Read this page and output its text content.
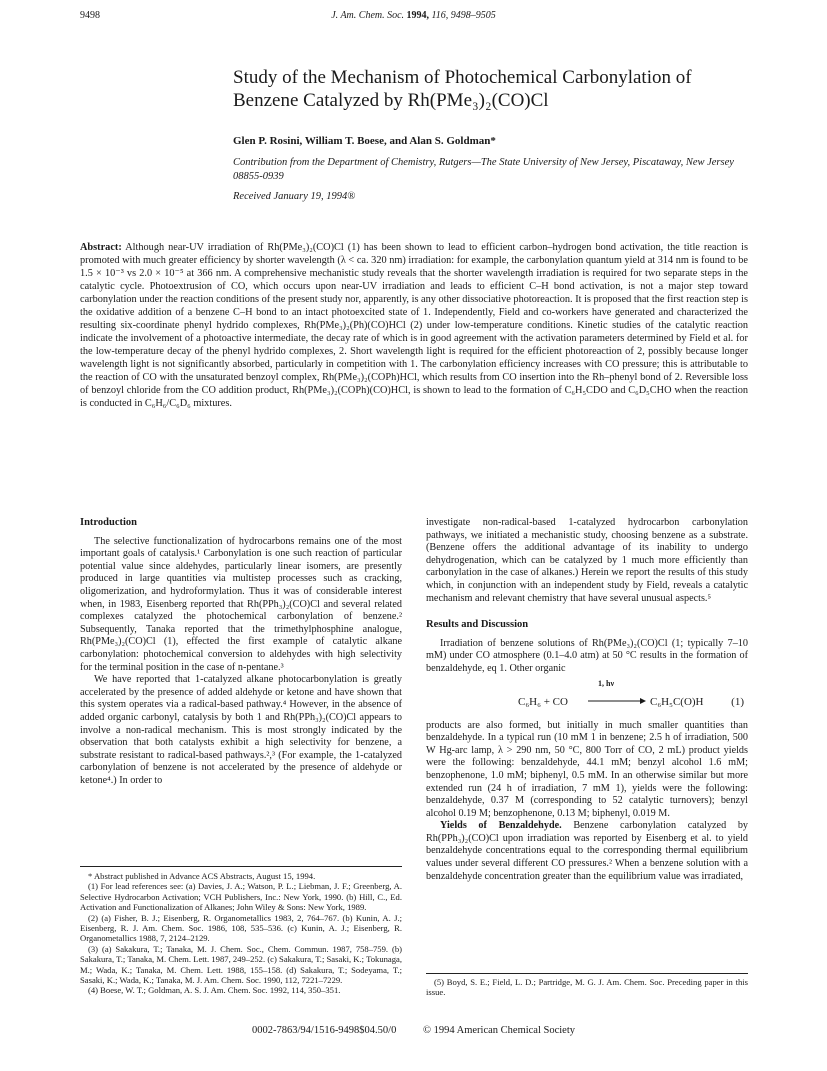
9498	J. Am. Chem. Soc. 1994, 116, 9498–9505
Study of the Mechanism of Photochemical Carbonylation of Benzene Catalyzed by Rh(PMe₃)₂(CO)Cl
Glen P. Rosini, William T. Boese, and Alan S. Goldman*
Contribution from the Department of Chemistry, Rutgers—The State University of New Jersey, Piscataway, New Jersey 08855-0939
Received January 19, 1994®
Abstract: Although near-UV irradiation of Rh(PMe₃)₂(CO)Cl (1) has been shown to lead to efficient carbon–hydrogen bond activation, the title reaction is promoted with much greater efficiency by shorter wavelength (λ < ca. 320 nm) irradiation: for example, the carbonylation quantum yield at 314 nm is found to be 1.5 × 10⁻³ vs 2.0 × 10⁻⁵ at 366 nm. A comprehensive mechanistic study reveals that the shorter wavelength irradiation is required for two separate steps in the catalytic cycle. Photoextrusion of CO, which occurs upon near-UV irradiation and leads to efficient C–H bond activation, is not a major step toward carbonylation under the reaction conditions of the present study nor, apparently, is any other dissociative photoreaction. It is proposed that the first reaction step is the oxidative addition of a benzene C–H bond to an intact photoexcited state of 1. Independently, Field and co-workers have generated and characterized the resulting six-coordinate phenyl hydrido complexes, Rh(PMe₃)₂(Ph)(CO)HCl (2) under low-temperature conditions. Kinetic studies of the catalytic reaction indicate the involvement of a photoactive intermediate, the decay rate of which is in good agreement with the activation parameters determined by Field et al. for the low-temperature decay of the phenyl hydrido complexes, 2. Short wavelength light is required for the efficient photoreaction of 2, possibly because longer wavelength light is not significantly absorbed, particularly in competition with 1. The carbonylation efficiency increases with CO pressure; this is attributable to the reaction of CO with the unsaturated benzoyl complex, Rh(PMe₃)₂(COPh)HCl, which results from CO insertion into the Rh–phenyl bond of 2. Reversible loss of benzoyl chloride from the CO addition product, Rh(PMe₃)₂(COPh)(CO)HCl, is shown to lead to the formation of C₆H₅CDO and C₆D₅CHO when the reaction is conducted in C₆H₆/C₆D₆ mixtures.
Introduction

The selective functionalization of hydrocarbons remains one of the most important goals of catalysis.¹ Carbonylation is one such reaction of particular potential value since aldehydes, particularly linear isomers, are presently produced in large quantities via multistep processes such as cracking, oligomerization, and hydroformylation. Thus it was of considerable interest when, in 1983, Eisenberg reported that Rh(PPh₃)₂(CO)Cl and several related complexes catalyzed the photochemical carbonylation of benzene.² Subsequently, Tanaka reported that the trimethylphosphine analogue, Rh(PMe₃)₂(CO)Cl (1), effected the first example of catalytic alkane carbonylation: photochemical conversion to aldehydes with high selectivity for the terminal position in the case of n-pentane.³

We have reported that 1-catalyzed alkane photocarbonylation is greatly accelerated by the presence of added aldehyde or ketone and have shown that this system operates via a radical-based pathway.⁴ However, in the absence of added organic carbonyl, catalysis by both 1 and Rh(PPh₃)₂(CO)Cl appears to involve a non-radical mechanism. This is most strongly indicated by the observation that both catalysts exhibit a high selectivity for benzene, a substrate resistant to radical-based pathways.²,³ (For example, the 1-catalyzed carbonylation of benzene is not accelerated by the presence of aldehyde or ketone⁴.) In order to

investigate non-radical-based 1-catalyzed hydrocarbon carbonylation pathways, we initiated a mechanistic study, choosing benzene as a substrate. (Benzene offers the additional advantage of its inability to undergo dehydrogenation, which can be catalyzed by 1 much more efficiently than carbonylation in the case of alkanes.) Herein we report the results of this study which, in conjunction with an independent study by Field, reveals a catalytic mechanism and relevant chemistry that have several unusual aspects.⁵

Results and Discussion

Irradiation of benzene solutions of Rh(PMe₃)₂(CO)Cl (1; typically 7–10 mM) under CO atmosphere (0.1–4.0 atm) at 50 °C results in the formation of benzaldehyde, eq 1. Other organic

C₆H₆ + CO
1, hν
C₆H₅C(O)H	(1)

products are also formed, but initially in much smaller quantities than benzaldehyde. In a typical run (10 mM 1 in benzene; 2.5 h of irradiation, 500 W Hg-arc lamp, λ > 290 nm, 50 °C, 800 Torr of CO, 2 mL) product yields were the following: benzaldehyde, 44.1 mM; benzyl alcohol 1.6 mM; benzophenone, 1.0 mM; biphenyl, 0.5 mM. In an otherwise similar but more extended run (24 h of irradiation, 7 mM 1), yields were the following: benzaldehyde, 0.37 M (corresponding to 52 catalytic turnovers); benzyl alcohol 0.19 M; benzophenone, 0.13 M; biphenyl, 0.019 M.

Yields of Benzaldehyde. Benzene carbonylation catalyzed by Rh(PPh₃)₂(CO)Cl upon irradiation was reported by Eisenberg et al. to yield benzaldehyde concentrations equal to the corresponding thermal equilibrium values under several different CO pressures.² When a benzene solution with a benzaldehyde concentration greater than the equilibrium value was irradiated,

* Abstract published in Advance ACS Abstracts, August 15, 1994.
(1) For lead references see: (a) Davies, J. A.; Watson, P. L.; Liebman, J. F.; Greenberg, A. Selective Hydrocarbon Activation; VCH Publishers, Inc.: New York, 1990. (b) Hill, C., Ed. Activation and Functionalization of Alkanes; John Wiley & Sons: New York, 1989.
(2) (a) Fisher, B. J.; Eisenberg, R. Organometallics 1983, 2, 764–767. (b) Kunin, A. J.; Eisenberg, R. J. Am. Chem. Soc. 1986, 108, 535–536. (c) Kunin, A. J.; Eisenberg, R. Organometallics 1988, 7, 2124–2129.
(3) (a) Sakakura, T.; Tanaka, M. J. Chem. Soc., Chem. Commun. 1987, 758–759. (b) Sakakura, T.; Tanaka, M. Chem. Lett. 1987, 249–252. (c) Sakakura, T.; Sasaki, K.; Tokunaga, M.; Wada, K.; Tanaka, M. Chem. Lett. 1988, 155–158. (d) Sakakura, T.; Sodeyama, T.; Sasaki, K.; Wada, K.; Tanaka, M. J. Am. Chem. Soc. 1990, 112, 7221–7229.
(4) Boese, W. T.; Goldman, A. S. J. Am. Chem. Soc. 1992, 114, 350–351.
(5) Boyd, S. E.; Field, L. D.; Partridge, M. G. J. Am. Chem. Soc. Preceding paper in this issue.
0002-7863/94/1516-9498$04.50/0	© 1994 American Chemical Society
